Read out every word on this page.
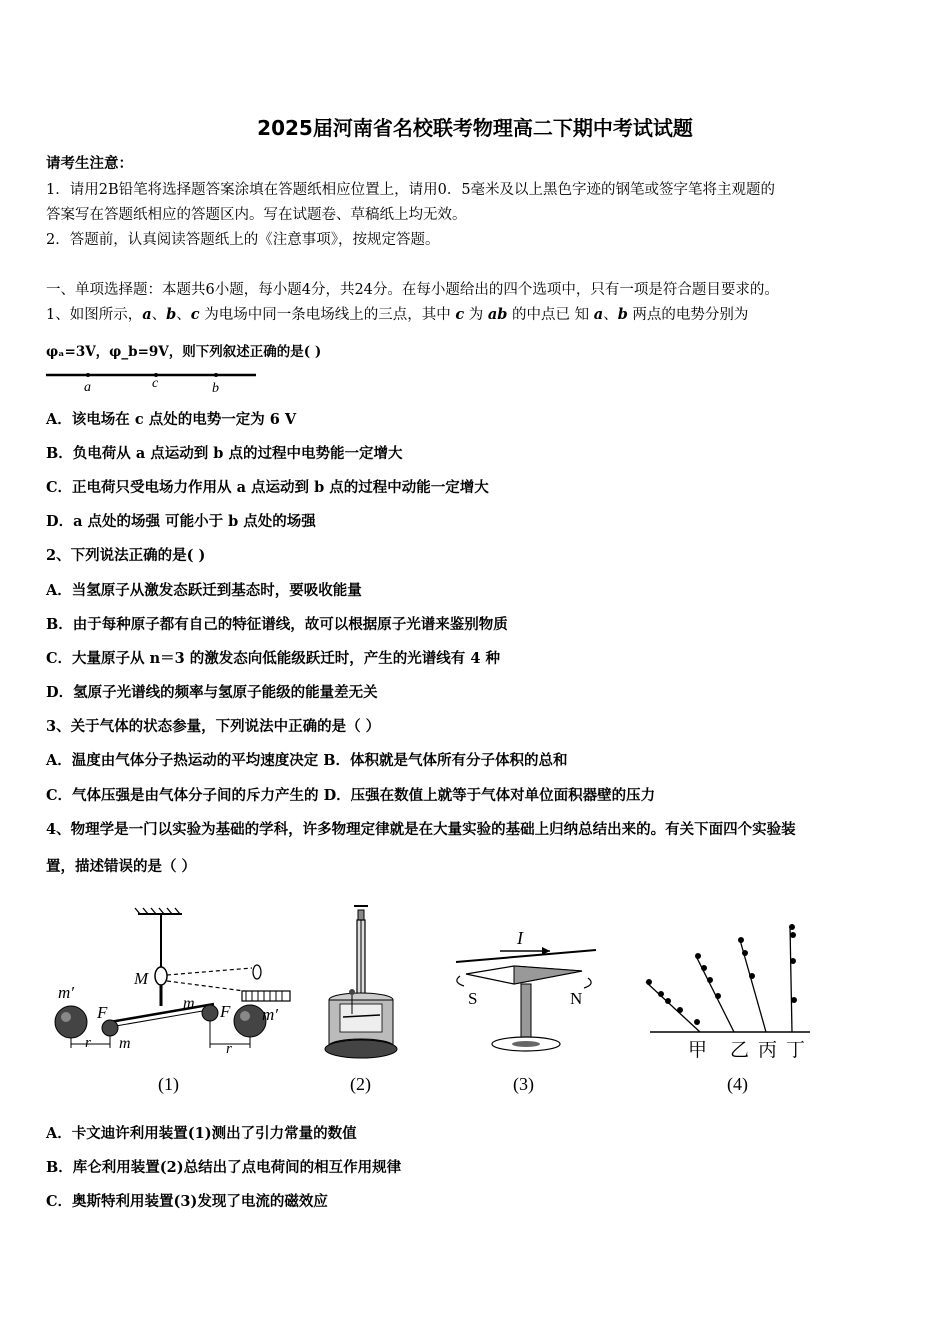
2025届河南省名校联考物理高二下期中考试试题
请考生注意：
1．请用2B铅笔将选择题答案涂填在答题纸相应位置上，请用0．5毫米及以上黑色字迹的钢笔或签字笔将主观题的
答案写在答题纸相应的答题区内。写在试题卷、草稿纸上均无效。
2．答题前，认真阅读答题纸上的《注意事项》，按规定答题。
一、单项选择题：本题共6小题，每小题4分，共24分。在每小题给出的四个选项中，只有一项是符合题目要求的。
1、如图所示，a、b、c 为电场中同一条电场线上的三点，其中 c 为 ab 的中点已 知 a、b 两点的电势分别为
φₐ=3V，φ_b=9V，则下列叙述正确的是( )
a	c	b
A．该电场在 c 点处的电势一定为 6 V
B．负电荷从 a 点运动到 b 点的过程中电势能一定增大
C．正电荷只受电场力作用从 a 点运动到 b 点的过程中动能一定增大
D．a 点处的场强 可能小于 b 点处的场强
2、下列说法正确的是( )
A．当氢原子从激发态跃迁到基态时，要吸收能量
B．由于每种原子都有自己的特征谱线，故可以根据原子光谱来鉴别物质
C．大量原子从 n＝3 的激发态向低能级跃迁时，产生的光谱线有 4 种
D．氢原子光谱线的频率与氢原子能级的能量差无关
3、关于气体的状态参量，下列说法中正确的是（ ）
A．温度由气体分子热运动的平均速度决定 B．体积就是气体所有分子体积的总和
C．气体压强是由气体分子间的斥力产生的 D．压强在数值上就等于气体对单位面积器壁的压力
4、物理学是一门以实验为基础的学科，许多物理定律就是在大量实验的基础上归纳总结出来的。有关下面四个实验装
置，描述错误的是（ ）
m′
F
m
M
m F m′
r	r
(1)	(2)
I
S	N
(3)
甲 乙 丙 丁
(4)
A．卡文迪许利用装置(1)测出了引力常量的数值
B．库仑利用装置(2)总结出了点电荷间的相互作用规律
C．奥斯特利用装置(3)发现了电流的磁效应
